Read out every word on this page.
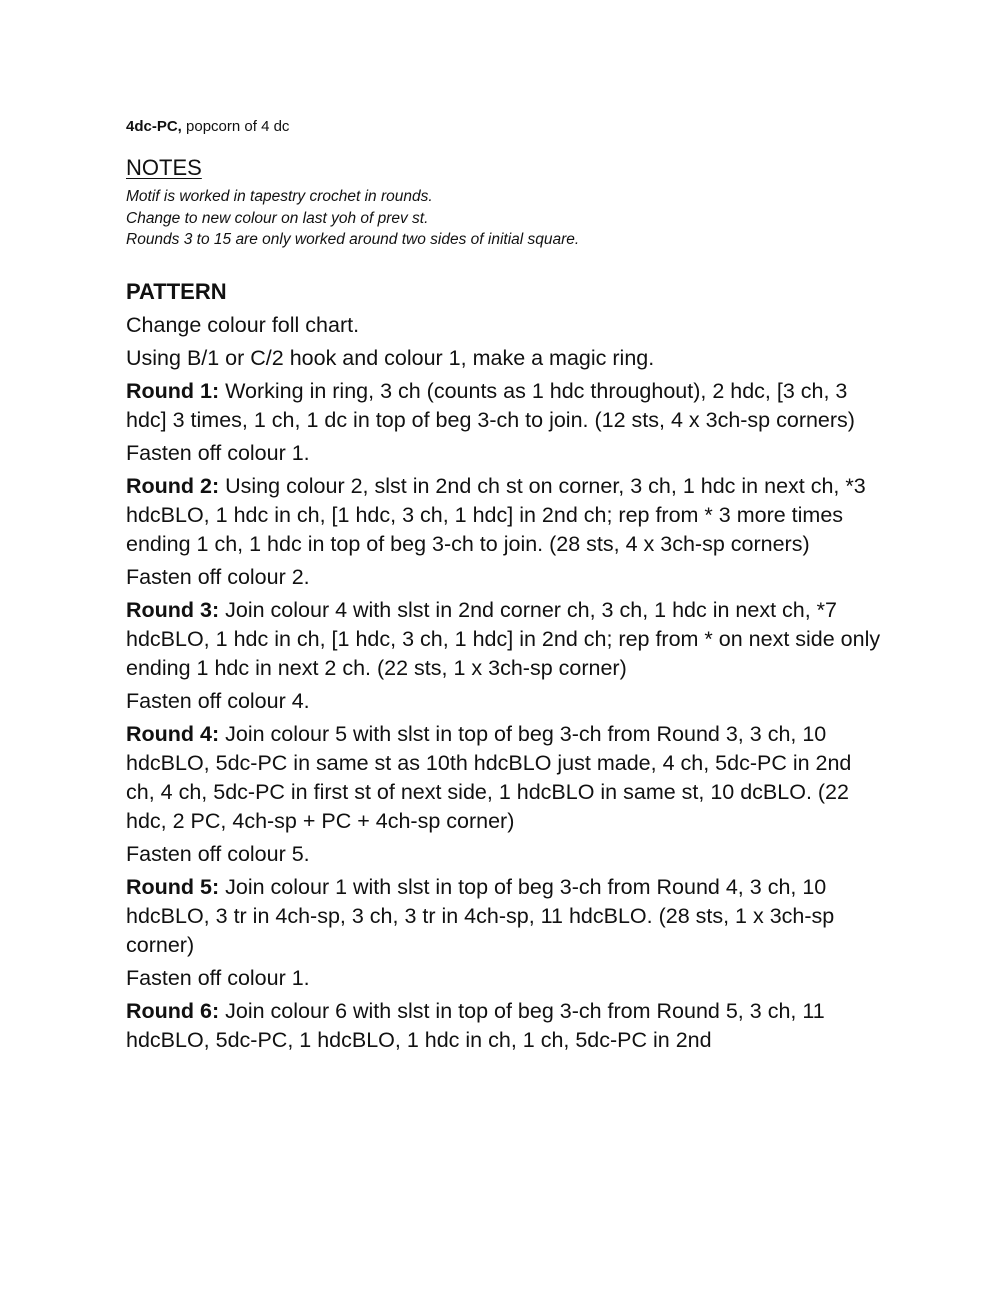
4dc-PC, popcorn of 4 dc
NOTES
Motif is worked in tapestry crochet in rounds.
Change to new colour on last yoh of prev st.
Rounds 3 to 15 are only worked around two sides of initial square.
PATTERN

Change colour foll chart.

Using B/1 or C/2 hook and colour 1, make a magic ring.

Round 1: Working in ring, 3 ch (counts as 1 hdc throughout), 2 hdc, [3 ch, 3 hdc] 3 times, 1 ch, 1 dc in top of beg 3-ch to join. (12 sts, 4 x 3ch-sp corners)

Fasten off colour 1.

Round 2: Using colour 2, slst in 2nd ch st on corner, 3 ch, 1 hdc in next ch, *3 hdcBLO, 1 hdc in ch, [1 hdc, 3 ch, 1 hdc] in 2nd ch; rep from * 3 more times ending 1 ch, 1 hdc in top of beg 3-ch to join. (28 sts, 4 x 3ch-sp corners)

Fasten off colour 2.

Round 3: Join colour 4 with slst in 2nd corner ch, 3 ch, 1 hdc in next ch, *7 hdcBLO, 1 hdc in ch, [1 hdc, 3 ch, 1 hdc] in 2nd ch; rep from * on next side only ending 1 hdc in next 2 ch. (22 sts, 1 x 3ch-sp corner)

Fasten off colour 4.

Round 4: Join colour 5 with slst in top of beg 3-ch from Round 3, 3 ch, 10 hdcBLO, 5dc-PC in same st as 10th hdcBLO just made, 4 ch, 5dc-PC in 2nd ch, 4 ch, 5dc-PC in first st of next side, 1 hdcBLO in same st, 10 dcBLO. (22 hdc, 2 PC, 4ch-sp + PC + 4ch-sp corner)

Fasten off colour 5.

Round 5: Join colour 1 with slst in top of beg 3-ch from Round 4, 3 ch, 10 hdcBLO, 3 tr in 4ch-sp, 3 ch, 3 tr in 4ch-sp, 11 hdcBLO. (28 sts, 1 x 3ch-sp corner)

Fasten off colour 1.

Round 6: Join colour 6 with slst in top of beg 3-ch from Round 5, 3 ch, 11 hdcBLO, 5dc-PC, 1 hdcBLO, 1 hdc in ch, 1 ch, 5dc-PC in 2nd
